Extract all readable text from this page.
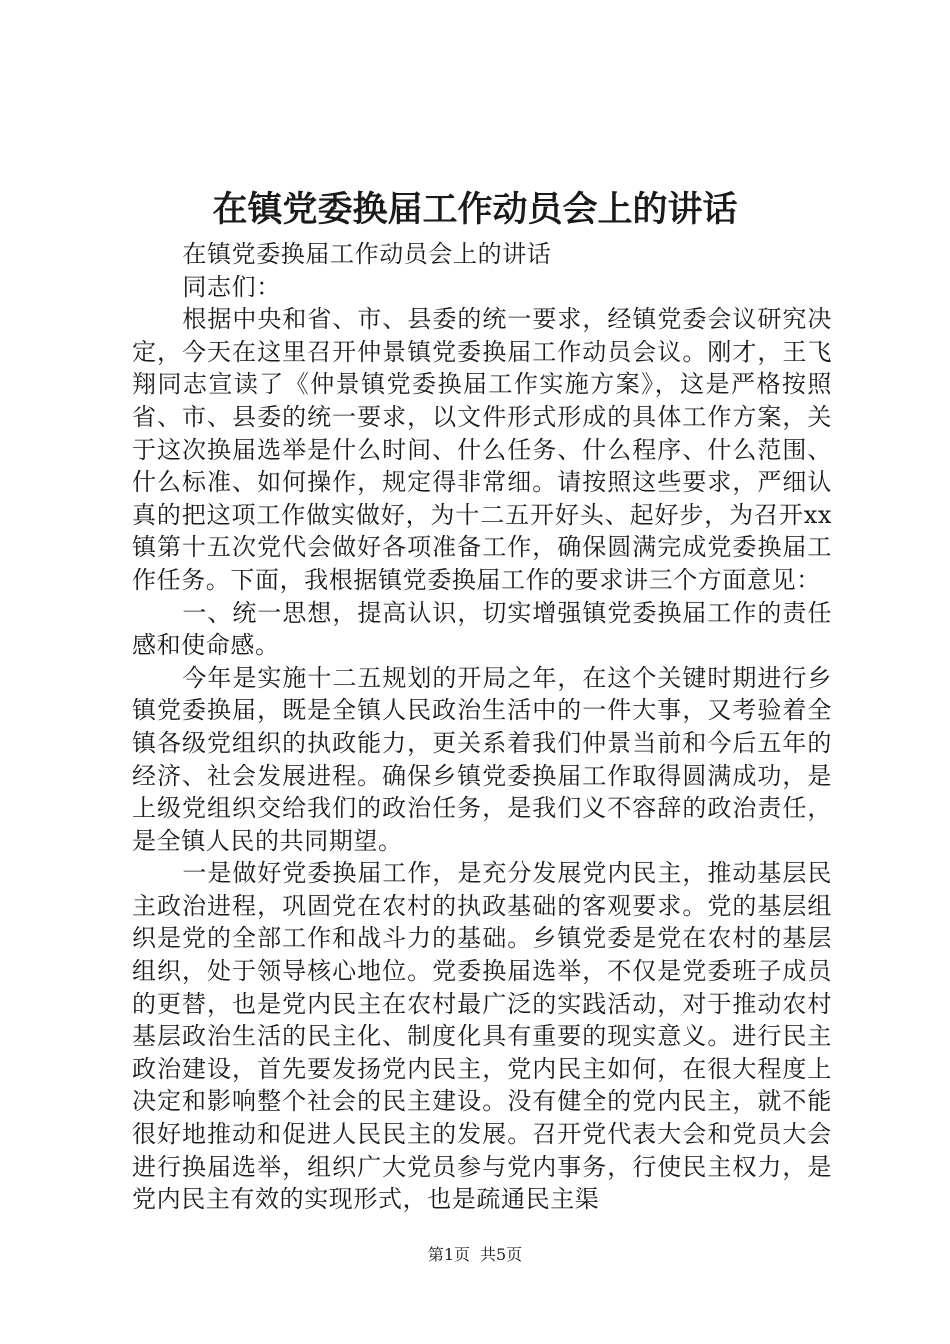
在镇党委换届工作动员会上的讲话

在镇党委换届工作动员会上的讲话

同志们：

根据中央和省、市、县委的统一要求，经镇党委会议研究决定，今天在这里召开仲景镇党委换届工作动员会议。刚才，王飞翔同志宣读了《仲景镇党委换届工作实施方案》，这是严格按照省、市、县委的统一要求，以文件形式形成的具体工作方案，关于这次换届选举是什么时间、什么任务、什么程序、什么范围、什么标准、如何操作，规定得非常细。请按照这些要求，严细认真的把这项工作做实做好，为十二五开好头、起好步，为召开xx镇第十五次党代会做好各项准备工作，确保圆满完成党委换届工作任务。下面，我根据镇党委换届工作的要求讲三个方面意见：

一、统一思想，提高认识，切实增强镇党委换届工作的责任感和使命感。

今年是实施十二五规划的开局之年，在这个关键时期进行乡镇党委换届，既是全镇人民政治生活中的一件大事，又考验着全镇各级党组织的执政能力，更关系着我们仲景当前和今后五年的经济、社会发展进程。确保乡镇党委换届工作取得圆满成功，是上级党组织交给我们的政治任务，是我们义不容辞的政治责任，是全镇人民的共同期望。

一是做好党委换届工作，是充分发展党内民主，推动基层民主政治进程，巩固党在农村的执政基础的客观要求。党的基层组织是党的全部工作和战斗力的基础。乡镇党委是党在农村的基层组织，处于领导核心地位。党委换届选举，不仅是党委班子成员的更替，也是党内民主在农村最广泛的实践活动，对于推动农村基层政治生活的民主化、制度化具有重要的现实意义。进行民主政治建设，首先要发扬党内民主，党内民主如何，在很大程度上决定和影响整个社会的民主建设。没有健全的党内民主，就不能很好地推动和促进人民民主的发展。召开党代表大会和党员大会进行换届选举，组织广大党员参与党内事务，行使民主权力，是党内民主有效的实现形式，也是疏通民主渠

第1页 共5页
